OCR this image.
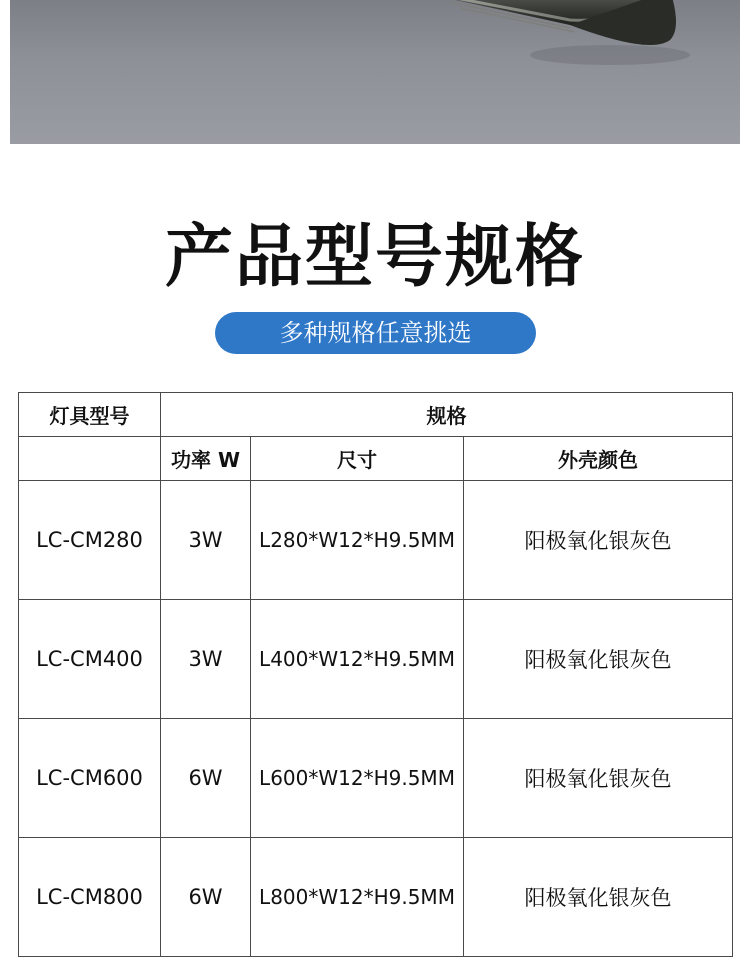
产品型号规格
多种规格任意挑选
灯具型号	规格		
	功率 W	尺寸	外壳颜色
LC-CM280	3W	L280*W12*H9.5MM	阳极氧化银灰色
LC-CM400	3W	L400*W12*H9.5MM	阳极氧化银灰色
LC-CM600	6W	L600*W12*H9.5MM	阳极氧化银灰色
LC-CM800	6W	L800*W12*H9.5MM	阳极氧化银灰色
